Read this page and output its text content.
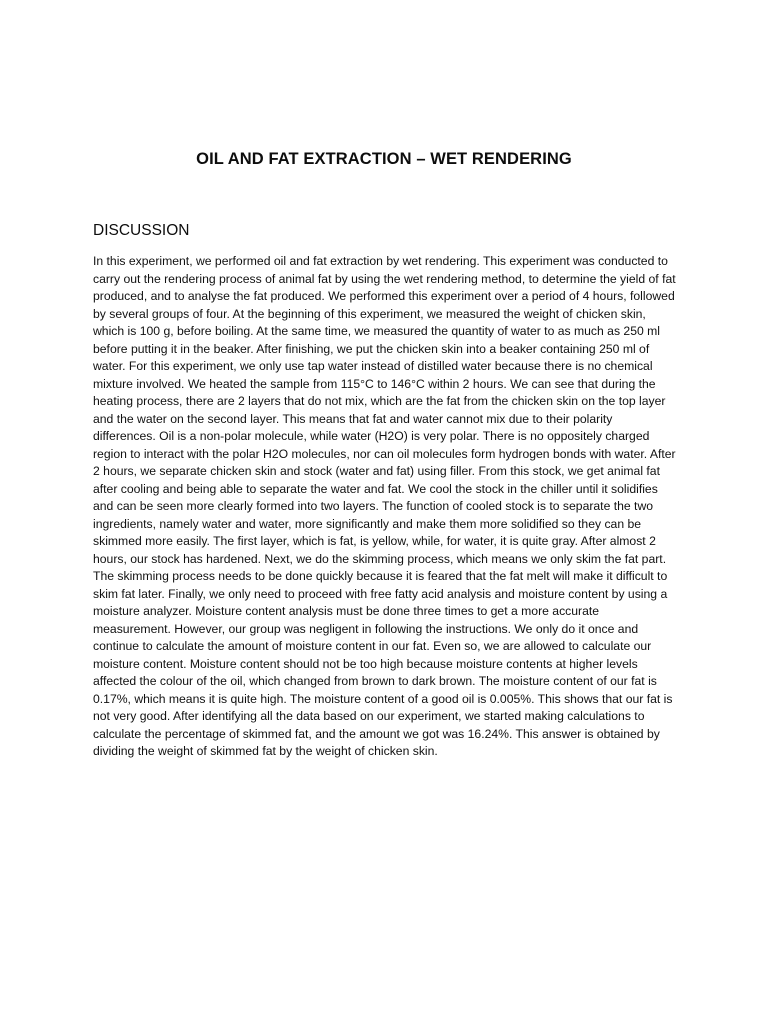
OIL AND FAT EXTRACTION – WET RENDERING
DISCUSSION

In this experiment, we performed oil and fat extraction by wet rendering. This experiment was conducted to carry out the rendering process of animal fat by using the wet rendering method, to determine the yield of fat produced, and to analyse the fat produced. We performed this experiment over a period of 4 hours, followed by several groups of four. At the beginning of this experiment, we measured the weight of chicken skin, which is 100 g, before boiling. At the same time, we measured the quantity of water to as much as 250 ml before putting it in the beaker. After finishing, we put the chicken skin into a beaker containing 250 ml of water. For this experiment, we only use tap water instead of distilled water because there is no chemical mixture involved. We heated the sample from 115°C to 146°C within 2 hours. We can see that during the heating process, there are 2 layers that do not mix, which are the fat from the chicken skin on the top layer and the water on the second layer. This means that fat and water cannot mix due to their polarity differences. Oil is a non-polar molecule, while water (H2O) is very polar. There is no oppositely charged region to interact with the polar H2O molecules, nor can oil molecules form hydrogen bonds with water. After 2 hours, we separate chicken skin and stock (water and fat) using filler. From this stock, we get animal fat after cooling and being able to separate the water and fat. We cool the stock in the chiller until it solidifies and can be seen more clearly formed into two layers. The function of cooled stock is to separate the two ingredients, namely water and water, more significantly and make them more solidified so they can be skimmed more easily. The first layer, which is fat, is yellow, while, for water, it is quite gray. After almost 2 hours, our stock has hardened. Next, we do the skimming process, which means we only skim the fat part. The skimming process needs to be done quickly because it is feared that the fat melt will make it difficult to skim fat later. Finally, we only need to proceed with free fatty acid analysis and moisture content by using a moisture analyzer. Moisture content analysis must be done three times to get a more accurate measurement. However, our group was negligent in following the instructions. We only do it once and continue to calculate the amount of moisture content in our fat. Even so, we are allowed to calculate our moisture content. Moisture content should not be too high because moisture contents at higher levels affected the colour of the oil, which changed from brown to dark brown. The moisture content of our fat is 0.17%, which means it is quite high. The moisture content of a good oil is 0.005%. This shows that our fat is not very good. After identifying all the data based on our experiment, we started making calculations to calculate the percentage of skimmed fat, and the amount we got was 16.24%. This answer is obtained by dividing the weight of skimmed fat by the weight of chicken skin.
